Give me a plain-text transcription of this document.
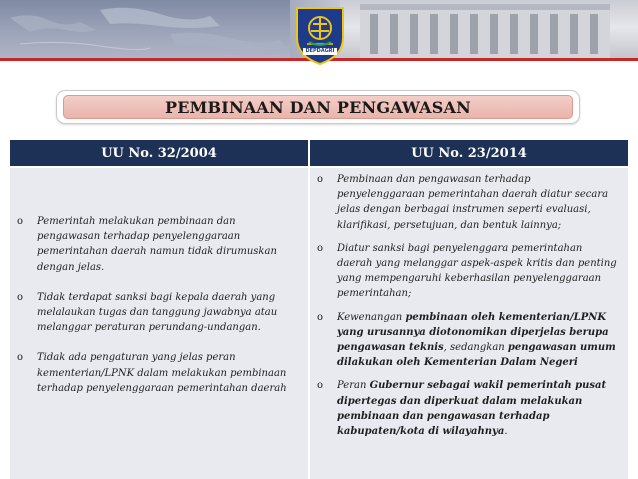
DEPDAGRI
PEMBINAAN DAN PENGAWASAN
UU No. 32/2004	UU No. 23/2014
o Pemerintah melakukan pembinaan dan pengawasan terhadap penyelenggaraan pemerintahan daerah namun tidak dirumuskan dengan jelas.
o Tidak terdapat sanksi bagi kepala daerah yang melalaukan tugas dan tanggung jawabnya atau melanggar peraturan perundang-undangan.
o Tidak ada pengaturan yang jelas peran kementerian/LPNK dalam melakukan pembinaan terhadap penyelenggaraan pemerintahan daerah
o Pembinaan dan pengawasan terhadap penyelenggaraan pemerintahan daerah diatur secara jelas dengan berbagai instrumen seperti evaluasi, klarifikasi, persetujuan, dan bentuk lainnya;
o Diatur sanksi bagi penyelenggara pemerintahan daerah yang melanggar aspek-aspek kritis dan penting yang mempengaruhi keberhasilan penyelenggaraan pemerintahan;
o Kewenangan pembinaan oleh kementerian/LPNK yang urusannya diotonomikan diperjelas berupa pengawasan teknis, sedangkan pengawasan umum dilakukan oleh Kementerian Dalam Negeri
o Peran Gubernur sebagai wakil pemerintah pusat dipertegas dan diperkuat dalam melakukan pembinaan dan pengawasan terhadap kabupaten/kota di wilayahnya.
